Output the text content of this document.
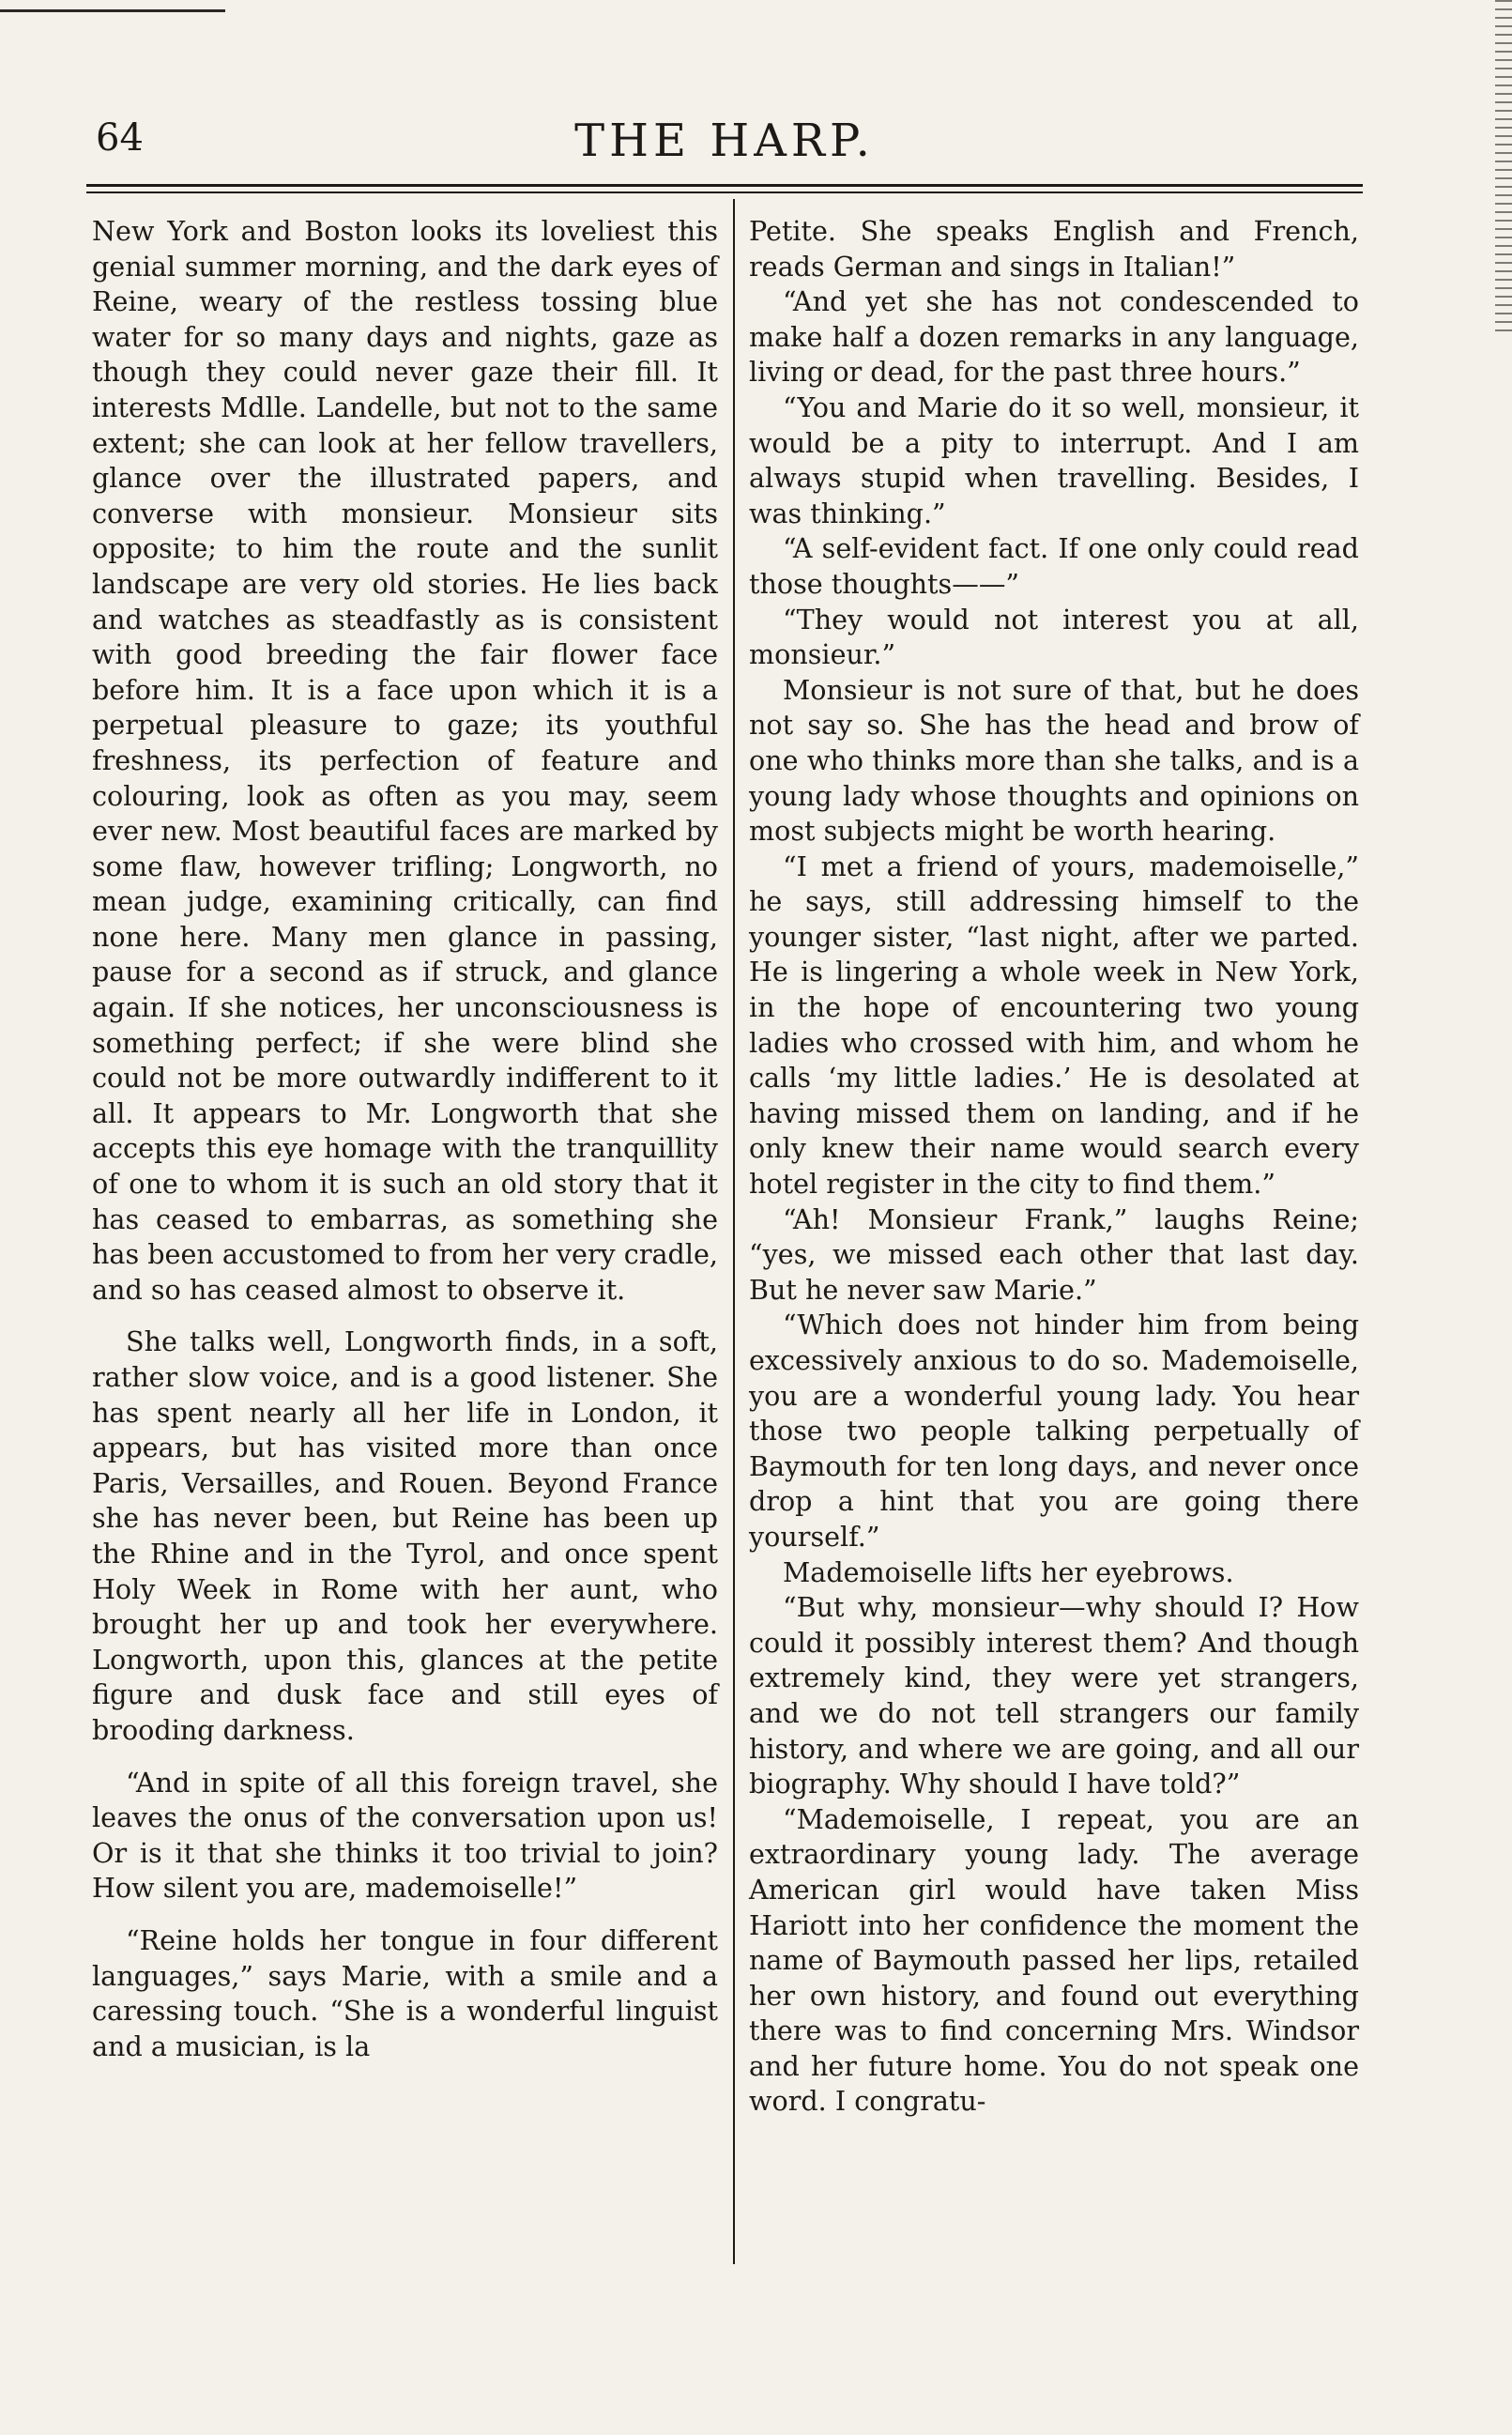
64	THE HARP.

New York and Boston looks its loveliest this genial summer morning, and the dark eyes of Reine, weary of the restless tossing blue water for so many days and nights, gaze as though they could never gaze their fill. It interests Mdlle. Landelle, but not to the same extent; she can look at her fellow travellers, glance over the illustrated papers, and converse with monsieur. Monsieur sits opposite; to him the route and the sunlit landscape are very old stories. He lies back and watches as steadfastly as is consistent with good breeding the fair flower face before him. It is a face upon which it is a perpetual pleasure to gaze; its youthful freshness, its perfection of feature and colouring, look as often as you may, seem ever new. Most beautiful faces are marked by some flaw, however trifling; Longworth, no mean judge, examining critically, can find none here. Many men glance in passing, pause for a second as if struck, and glance again. If she notices, her unconsciousness is something perfect; if she were blind she could not be more outwardly indifferent to it all. It appears to Mr. Longworth that she accepts this eye homage with the tranquillity of one to whom it is such an old story that it has ceased to embarras, as something she has been accustomed to from her very cradle, and so has ceased almost to observe it.

She talks well, Longworth finds, in a soft, rather slow voice, and is a good listener. She has spent nearly all her life in London, it appears, but has visited more than once Paris, Versailles, and Rouen. Beyond France she has never been, but Reine has been up the Rhine and in the Tyrol, and once spent Holy Week in Rome with her aunt, who brought her up and took her everywhere. Longworth, upon this, glances at the petite figure and dusk face and still eyes of brooding darkness.

“And in spite of all this foreign travel, she leaves the onus of the conversation upon us! Or is it that she thinks it too trivial to join? How silent you are, mademoiselle!”

“Reine holds her tongue in four different languages,” says Marie, with a smile and a caressing touch. “She is a wonderful linguist and a musician, is la

Petite. She speaks English and French, reads German and sings in Italian!”

“And yet she has not condescended to make half a dozen remarks in any language, living or dead, for the past three hours.”

“You and Marie do it so well, monsieur, it would be a pity to interrupt. And I am always stupid when travelling. Besides, I was thinking.”

“A self-evident fact. If one only could read those thoughts——”

“They would not interest you at all, monsieur.”

Monsieur is not sure of that, but he does not say so. She has the head and brow of one who thinks more than she talks, and is a young lady whose thoughts and opinions on most subjects might be worth hearing.

“I met a friend of yours, mademoiselle,” he says, still addressing himself to the younger sister, “last night, after we parted. He is lingering a whole week in New York, in the hope of encountering two young ladies who crossed with him, and whom he calls ‘my little ladies.’ He is desolated at having missed them on landing, and if he only knew their name would search every hotel register in the city to find them.”

“Ah! Monsieur Frank,” laughs Reine; “yes, we missed each other that last day. But he never saw Marie.”

“Which does not hinder him from being excessively anxious to do so. Mademoiselle, you are a wonderful young lady. You hear those two people talking perpetually of Baymouth for ten long days, and never once drop a hint that you are going there yourself.”

Mademoiselle lifts her eyebrows.

“But why, monsieur—why should I? How could it possibly interest them? And though extremely kind, they were yet strangers, and we do not tell strangers our family history, and where we are going, and all our biography. Why should I have told?”

“Mademoiselle, I repeat, you are an extraordinary young lady. The average American girl would have taken Miss Hariott into her confidence the moment the name of Baymouth passed her lips, retailed her own history, and found out everything there was to find concerning Mrs. Windsor and her future home. You do not speak one word. I congratu-
